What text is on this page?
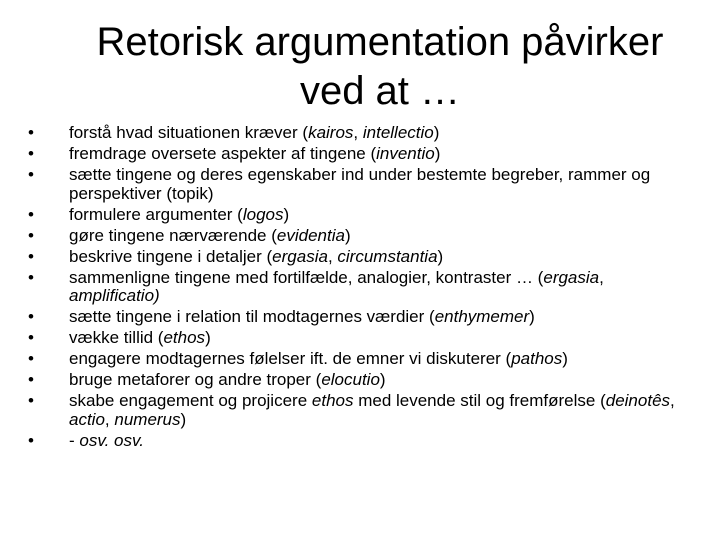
Retorisk argumentation påvirker
ved at …
•	forstå hvad situationen kræver (kairos, intellectio)
•	fremdrage oversete aspekter af tingene (inventio)
•	sætte tingene og deres egenskaber ind under bestemte begreber, rammer og perspektiver (topik)
•	formulere argumenter (logos)
•	gøre tingene nærværende (evidentia)
•	beskrive tingene i detaljer (ergasia, circumstantia)
•	sammenligne tingene med fortilfælde, analogier, kontraster … (ergasia, amplificatio)
•	sætte tingene i relation til modtagernes værdier (enthymemer)
•	vække tillid (ethos)
•	engagere modtagernes følelser ift. de emner vi diskuterer (pathos)
•	bruge metaforer og andre troper (elocutio)
•	skabe engagement og projicere ethos med levende stil og fremførelse (deinotês, actio, numerus)
•	- osv. osv.
